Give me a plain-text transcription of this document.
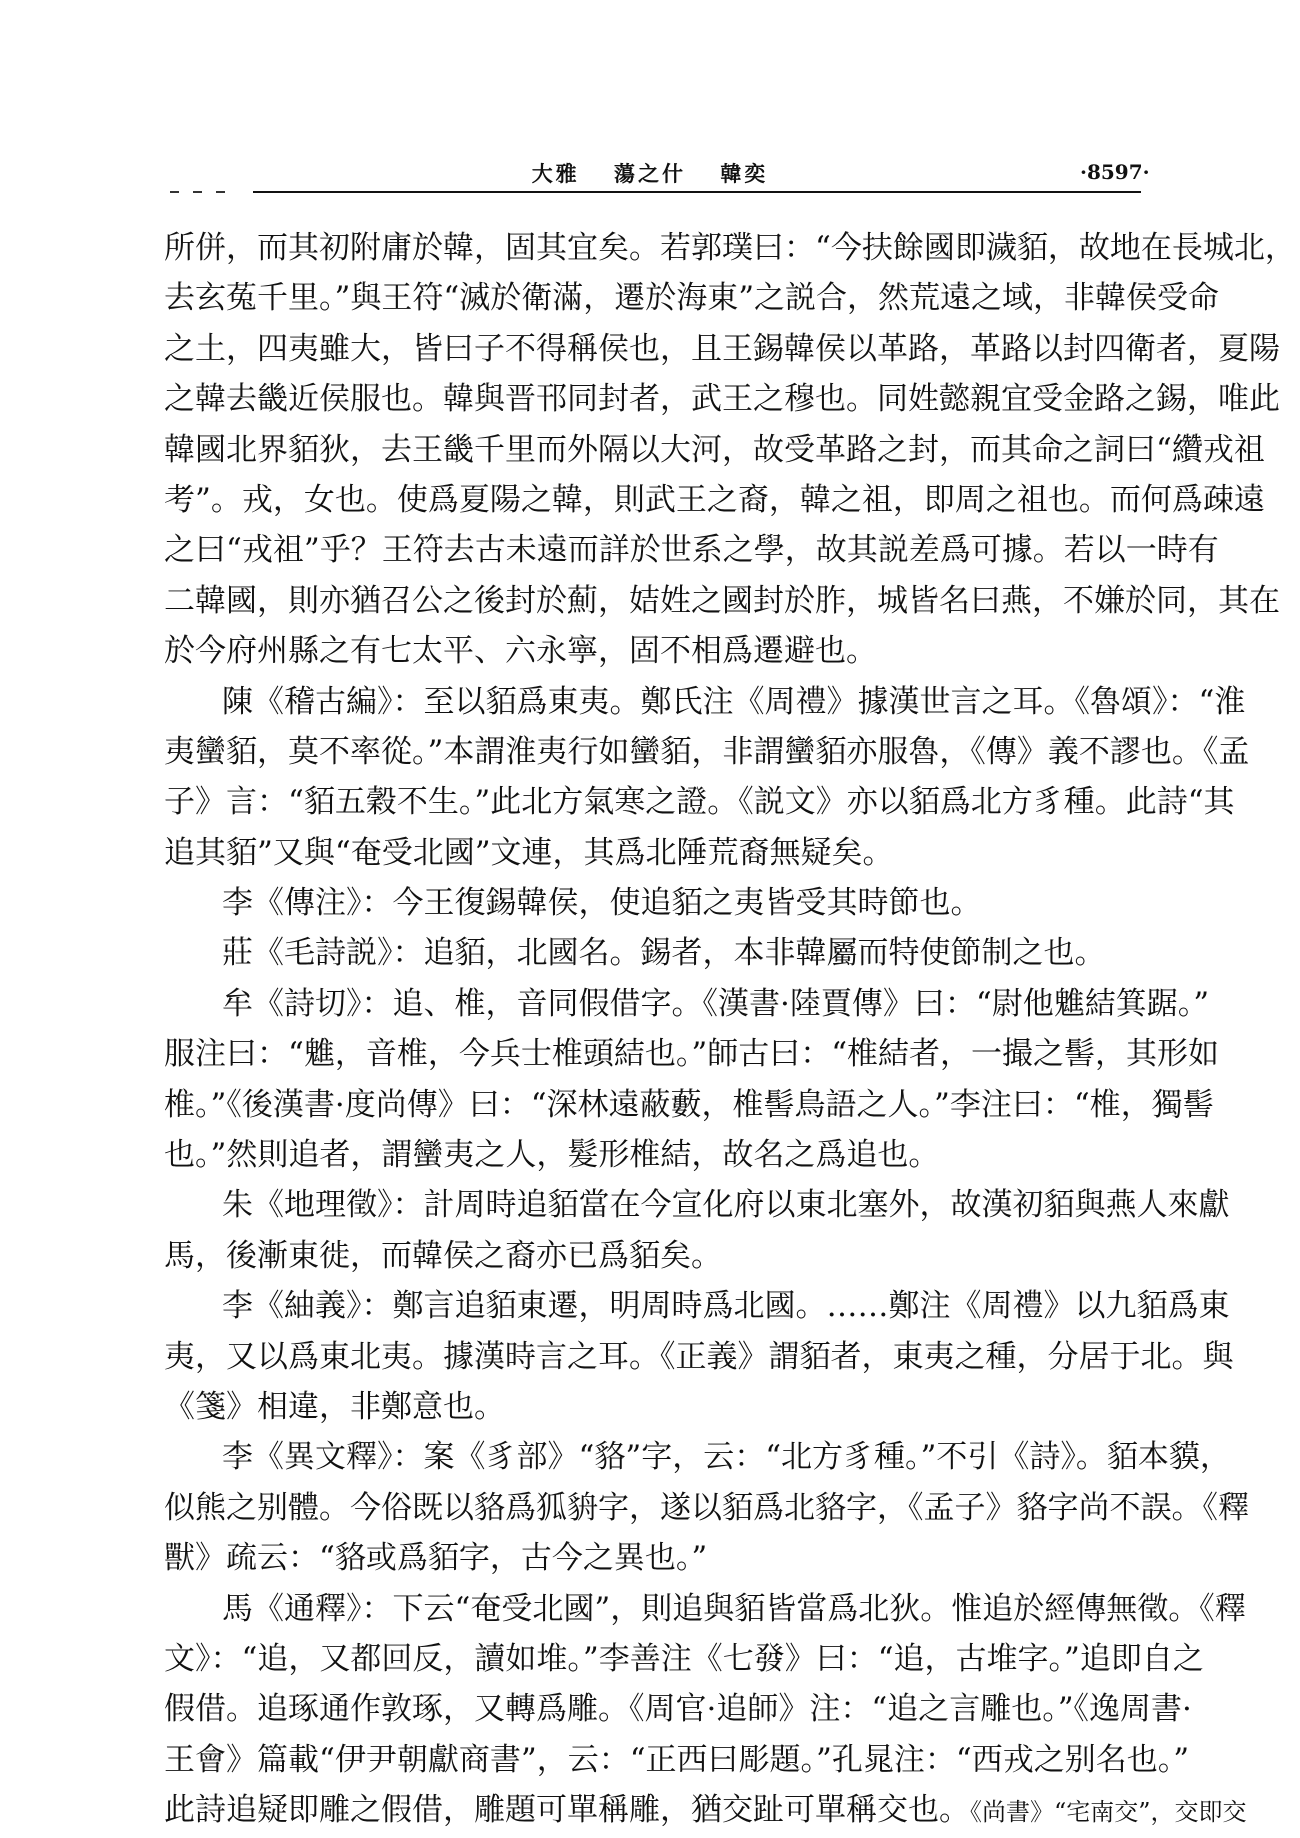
大雅 蕩之什 韓奕	·8597·
所併，而其初附庸於韓，固其宜矣。若郭璞曰：“今扶餘國即濊貊，故地在長城北，
去玄菟千里。”與王符“滅於衛滿，遷於海東”之説合，然荒遠之域，非韓侯受命
之土，四夷雖大，皆曰子不得稱侯也，且王錫韓侯以革路，革路以封四衛者，夏陽
之韓去畿近侯服也。韓與晋邗同封者，武王之穆也。同姓懿親宜受金路之錫，唯此
韓國北界貊狄，去王畿千里而外隔以大河，故受革路之封，而其命之詞曰“纘戎祖
考”。戎，女也。使爲夏陽之韓，則武王之裔，韓之祖，即周之祖也。而何爲疎遠
之曰“戎祖”乎？王符去古未遠而詳於世系之學，故其説差爲可據。若以一時有
二韓國，則亦猶召公之後封於薊，姞姓之國封於胙，城皆名曰燕，不嫌於同，其在
於今府州縣之有七太平、六永寧，固不相爲遷避也。
陳《稽古編》：至以貊爲東夷。鄭氏注《周禮》據漢世言之耳。《魯頌》：“淮
夷蠻貊，莫不率從。”本謂淮夷行如蠻貊，非謂蠻貊亦服魯，《傳》義不謬也。《孟
子》言：“貊五穀不生。”此北方氣寒之證。《説文》亦以貊爲北方豸種。此詩“其
追其貊”又與“奄受北國”文連，其爲北陲荒裔無疑矣。
李《傳注》：今王復錫韓侯，使追貊之夷皆受其時節也。
莊《毛詩説》：追貊，北國名。錫者，本非韓屬而特使節制之也。
牟《詩切》：追、椎，音同假借字。《漢書·陸賈傳》曰：“尉他魋結箕踞。”
服注曰：“魋，音椎，今兵士椎頭結也。”師古曰：“椎結者，一撮之髻，其形如
椎。”《後漢書·度尚傳》曰：“深林遠蔽藪，椎髻鳥語之人。”李注曰：“椎，獨髻
也。”然則追者，謂蠻夷之人，髮形椎結，故名之爲追也。
朱《地理徵》：計周時追貊當在今宣化府以東北塞外，故漢初貊與燕人來獻
馬，後漸東徙，而韓侯之裔亦已爲貊矣。
李《紬義》：鄭言追貊東遷，明周時爲北國。……鄭注《周禮》以九貊爲東
夷，又以爲東北夷。據漢時言之耳。《正義》謂貊者，東夷之種，分居于北。與
《箋》相違，非鄭意也。
李《異文釋》：案《豸部》“貉”字，云：“北方豸種。”不引《詩》。貊本貘，
似熊之别體。今俗既以貉爲狐貈字，遂以貊爲北貉字，《孟子》貉字尚不誤。《釋
獸》疏云：“貉或爲貊字，古今之異也。”
馬《通釋》：下云“奄受北國”，則追與貊皆當爲北狄。惟追於經傳無徵。《釋
文》：“追，又都回反，讀如堆。”李善注《七發》曰：“追，古堆字。”追即自之
假借。追琢通作敦琢，又轉爲雕。《周官·追師》注：“追之言雕也。”《逸周書·
王會》篇載“伊尹朝獻商書”，云：“正西曰彫題。”孔晁注：“西戎之别名也。”
此詩追疑即雕之假借，雕題可單稱雕，猶交趾可單稱交也。《尚書》“宅南交”，交即交
